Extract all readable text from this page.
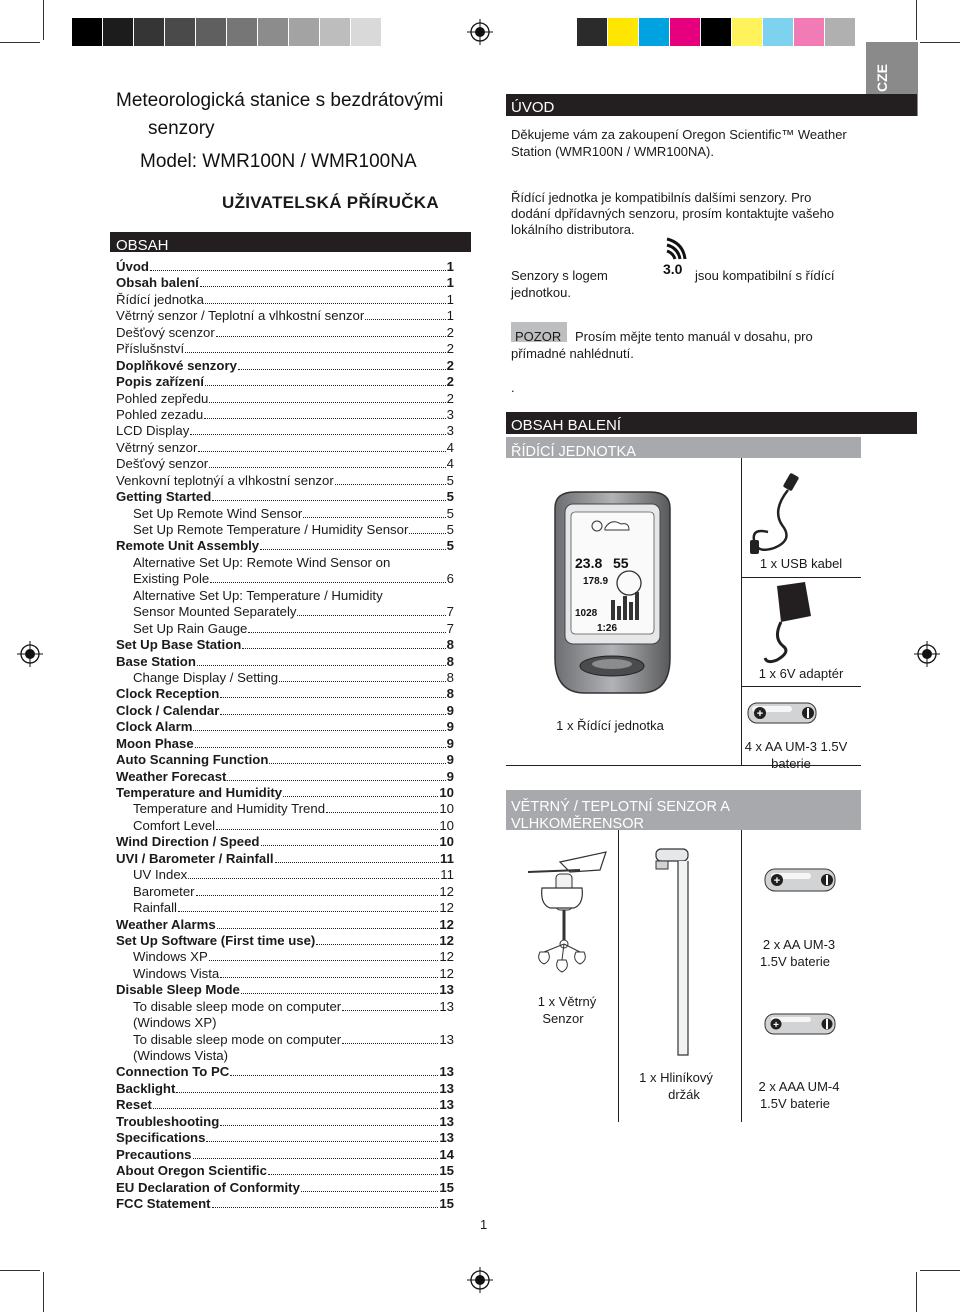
Meteorologická stanice s bezdrátovými
senzory
Model: WMR100N / WMR100NA
UŽIVATELSKÁ PŘÍRUČKA
OBSAH
Úvod	1
Obsah balení	1
Řídící jednotka	1
Větrný senzor / Teplotní a vlhkostní senzor	1
Dešťový scenzor	2
Příslušnství	2
Doplňkové senzory	2
Popis zařízení	2
Pohled zepředu	2
Pohled zezadu	3
LCD Display	3
Větrný senzor	4
Dešťový senzor	4
Venkovní teplotnýí a vlhkostní senzor	5
Getting Started	5
Set Up Remote Wind Sensor	5
Set Up Remote Temperature / Humidity Sensor	5
Remote Unit Assembly	5
Alternative Set Up: Remote Wind Sensor on
Existing Pole	6
Alternative Set Up: Temperature / Humidity
Sensor Mounted Separately	7
Set Up Rain Gauge	7
Set Up Base Station	8
Base Station	8
Change Display / Setting	8
Clock Reception	8
Clock / Calendar	9
Clock Alarm	9
Moon Phase	9
Auto Scanning Function	9
Weather Forecast	9
Temperature and Humidity	10
Temperature and Humidity Trend	10
Comfort Level	10
Wind Direction / Speed	10
UVI / Barometer / Rainfall	11
UV Index	11
Barometer	12
Rainfall	12
Weather Alarms	12
Set Up Software (First time use)	12
Windows XP	12
Windows Vista	12
Disable Sleep Mode	13
To disable sleep mode on computer	13
(Windows XP)
To disable sleep mode on computer	13
(Windows Vista)
Connection To PC	13
Backlight	13
Reset	13
Troubleshooting	13
Specifications	13
Precautions	14
About Oregon Scientific	15
EU Declaration of Conformity	15
FCC Statement	15
1
CZE
ÚVOD
Děkujeme vám za zakoupení Oregon Scientific™ Weather
Station (WMR100N / WMR100NA).
Řídící jednotka je kompatibilnís dalšími senzory. Pro
dodání dpřídavných senzoru, prosím kontaktujte vašeho
lokálního distributora.
Senzory s logem	3.0 jsou kompatibilní s řídící
jednotkou.
POZOR Prosím mějte tento manuál v dosahu, pro
přímadné nahlédnutí.
.
OBSAH BALENÍ
ŘÍDÍCÍ JEDNOTKA
23.8 55
178.9
1028
1:26
1 x USB kabel
1 x 6V adaptér
+
4 x AA UM-3 1.5V
baterie
1 x Řídící jednotka
VĚTRNÝ / TEPLOTNÍ SENZOR A
VLHKOMĚRENSOR
1 x Větrný
Senzor
1 x Hliníkový
držák
+
2 x AA UM-3
1.5V baterie
+
2 x AAA UM-4
1.5V baterie
